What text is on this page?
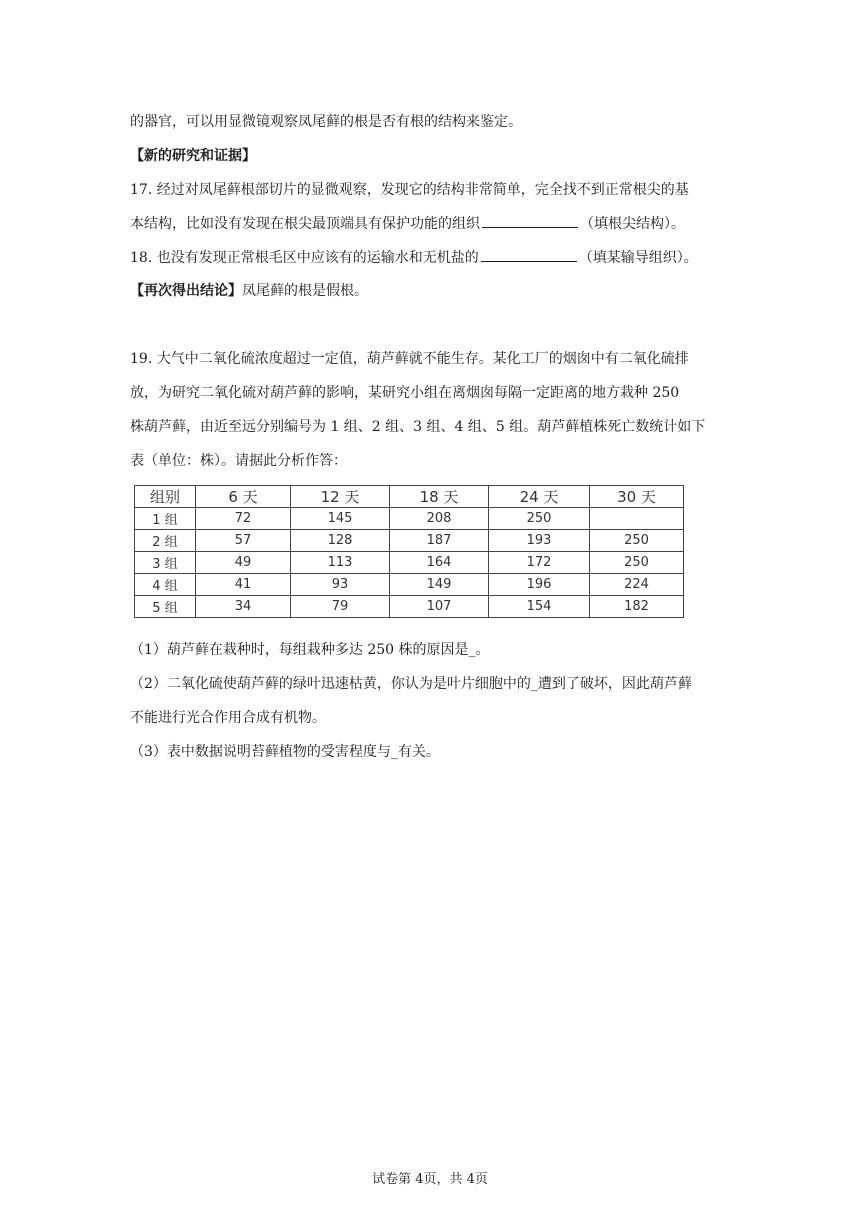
的器官，可以用显微镜观察凤尾藓的根是否有根的结构来鉴定。
【新的研究和证据】
17. 经过对凤尾藓根部切片的显微观察，发现它的结构非常简单，完全找不到正常根尖的基
本结构，比如没有发现在根尖最顶端具有保护功能的组织	（填根尖结构）。
18. 也没有发现正常根毛区中应该有的运输水和无机盐的	（填某输导组织）。
【再次得出结论】凤尾藓的根是假根。
19. 大气中二氧化硫浓度超过一定值，葫芦藓就不能生存。某化工厂的烟囱中有二氧化硫排
放，为研究二氧化硫对葫芦藓的影响，某研究小组在离烟囱每隔一定距离的地方栽种 250
株葫芦藓，由近至远分别编号为 1 组、2 组、3 组、4 组、5 组。葫芦藓植株死亡数统计如下
表（单位：株）。请据此分析作答：
组别	6 天	12 天	18 天	24 天	30 天
1 组	72	145	208	250	
2 组	57	128	187	193	250
3 组	49	113	164	172	250
4 组	41	93	149	196	224
5 组	34	79	107	154	182
（1）葫芦藓在栽种时，每组栽种多达 250 株的原因是_。
（2）二氧化硫使葫芦藓的绿叶迅速枯黄，你认为是叶片细胞中的_遭到了破坏，因此葫芦藓
不能进行光合作用合成有机物。
（3）表中数据说明苔藓植物的受害程度与_有关。
试卷第 4页，共 4页
